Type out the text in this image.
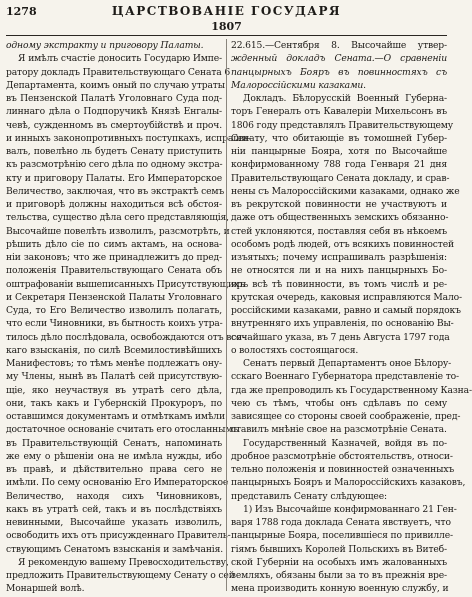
1278	ЦАРСТВОВАНІЕ ГОСУДАРЯ
1807
одному экстракту и приговору Палаты.
Я имѣлъ счастіе доносить Государю Импе-
ратору докладъ Правительствующаго Сената 6
Департамента, коимъ оный по случаю утраты
въ Пензенской Палатѣ Уголовнаго Суда под-
линнаго дѣла о Подпоручикѣ Князѣ Енгалы-
чевѣ, сужденномъ въ смертоубійствѣ и проч.
и инныхъ законопротивныхъ поступкахъ, испраши-
валъ, повелѣно ль будетъ Сенату приступить
къ разсмотрѣнію сего дѣла по одному экстра-
кту и приговору Палаты. Его Императорское
Величество, заключая, что въ экстрактѣ семъ
и приговорѣ должны находиться всѣ обстоя-
тельства, существо дѣла сего представляющія,
Высочайше повелѣть изволилъ, разсмотрѣть, и
рѣшить дѣло сіе по симъ актамъ, на основа-
ніи законовъ; что же принадлежитъ до пред-
положенія Правительствующаго Сената объ
оштрафованіи вышеписанныхъ Присутствующихъ
и Секретаря Пензенской Палаты Уголовнаго
Суда, то Его Величество изволилъ полагать,
что если Чиновники, въ бытность коихъ утра-
тилось дѣло послѣдовала, освобождаются отъ вся-
каго взысканія, по силѣ Всемилостивѣйшихъ
Манифестовъ; то тѣмъ менѣе подлежатъ ону-
му Члены, нынѣ въ Палатѣ сей присутствую-
щіе, яко неучаствуя въ утратѣ сего дѣла,
они, такъ какъ и Губернскій Прокуроръ, по
оставшимся документамъ и отмѣткамъ имѣли
достаточное основаніе считать его отосланнымъ
въ Правительствующій Сенатъ, напоминать
же ему о рѣшеніи она не имѣла нужды, ибо
въ правѣ, и дѣйствительно права сего не
имѣли. По сему основанію Его Императорское
Величество, находя сихъ Чиновниковъ,
какъ въ утратѣ сей, такъ и въ послѣдствіяхъ
невинными, Высочайше указать изволилъ,
освободить ихъ отъ присужденнаго Правитель-
ствующимъ Сенатомъ взысканія и замѣчанія.
Я рекомендую вашему Превосходительству,
предложить Правительствующему Сенату о сей
Монаршей волѣ.
22.615.—Сентября 8. Высочайше утвер-
жденный докладъ Сената.—О сравненіи
панцырныхъ Бояръ въ повинностяхъ съ
Малороссійскими казаками.
Докладъ. Бѣлорусскій Военный Губерна-
торъ Генералъ отъ Кавалеріи Михельсонъ въ
1806 году представлялъ Правительствующему
Сенату, что обитающіе въ томошней Губер-
ніи панцырные Бояра, хотя по Высочайше
конфирмованному 788 года Генваря 21 дня
Правительствующаго Сената докладу, и срав-
нены съ Малороссійскими казаками, однако же
въ рекрутской повинности не участвуютъ и
даже отъ общественныхъ земскихъ обязанно-
стей уклоняются, поставляя себя въ нѣкоемъ
особомъ родѣ людей, отъ всякихъ повинностей
изъятыхъ; почему испрашивалъ разрѣшенія:
не относятся ли и на нихъ панцырныхъ Бо-
яръ всѣ тѣ повинности, въ томъ числѣ и ре-
крутская очередь, каковыя исправляются Мало-
россійскими казаками, равно и самый порядокъ
внутренняго ихъ управленія, по основанію Вы-
сочайшаго указа, въ 7 день Августа 1797 года
о волостяхъ состоящагося.
Сенатъ первый Департаментъ оное Бѣлору-
сскаго Военнаго Губернатора представленіе то-
гда же препроводилъ къ Государственному Казна-
чею съ тѣмъ, чтобы онъ сдѣлавъ по сему
зависящее со стороны своей соображеніе, пред-
ставилъ мнѣніе свое на разсмотрѣніе Сената.
Государственный Казначей, войдя въ по-
дробное разсмотрѣніе обстоятельствъ, относи-
тельно положенія и повинностей означенныхъ
панцырныхъ Бояръ и Малороссійскихъ казаковъ,
представилъ Сенату слѣдующее:
1) Изъ Высочайше конфирмованнаго 21 Ген-
варя 1788 года доклада Сената явствуетъ, что
панцырные Бояра, поселившіеся по привилле-
гіямъ бывшихъ Королей Польскихъ въ Витеб-
ской Губерніи на особыхъ имъ жалованныхъ
земляхъ, обязаны были за то въ прежнія вре-
мена производить конную военную службу, и
